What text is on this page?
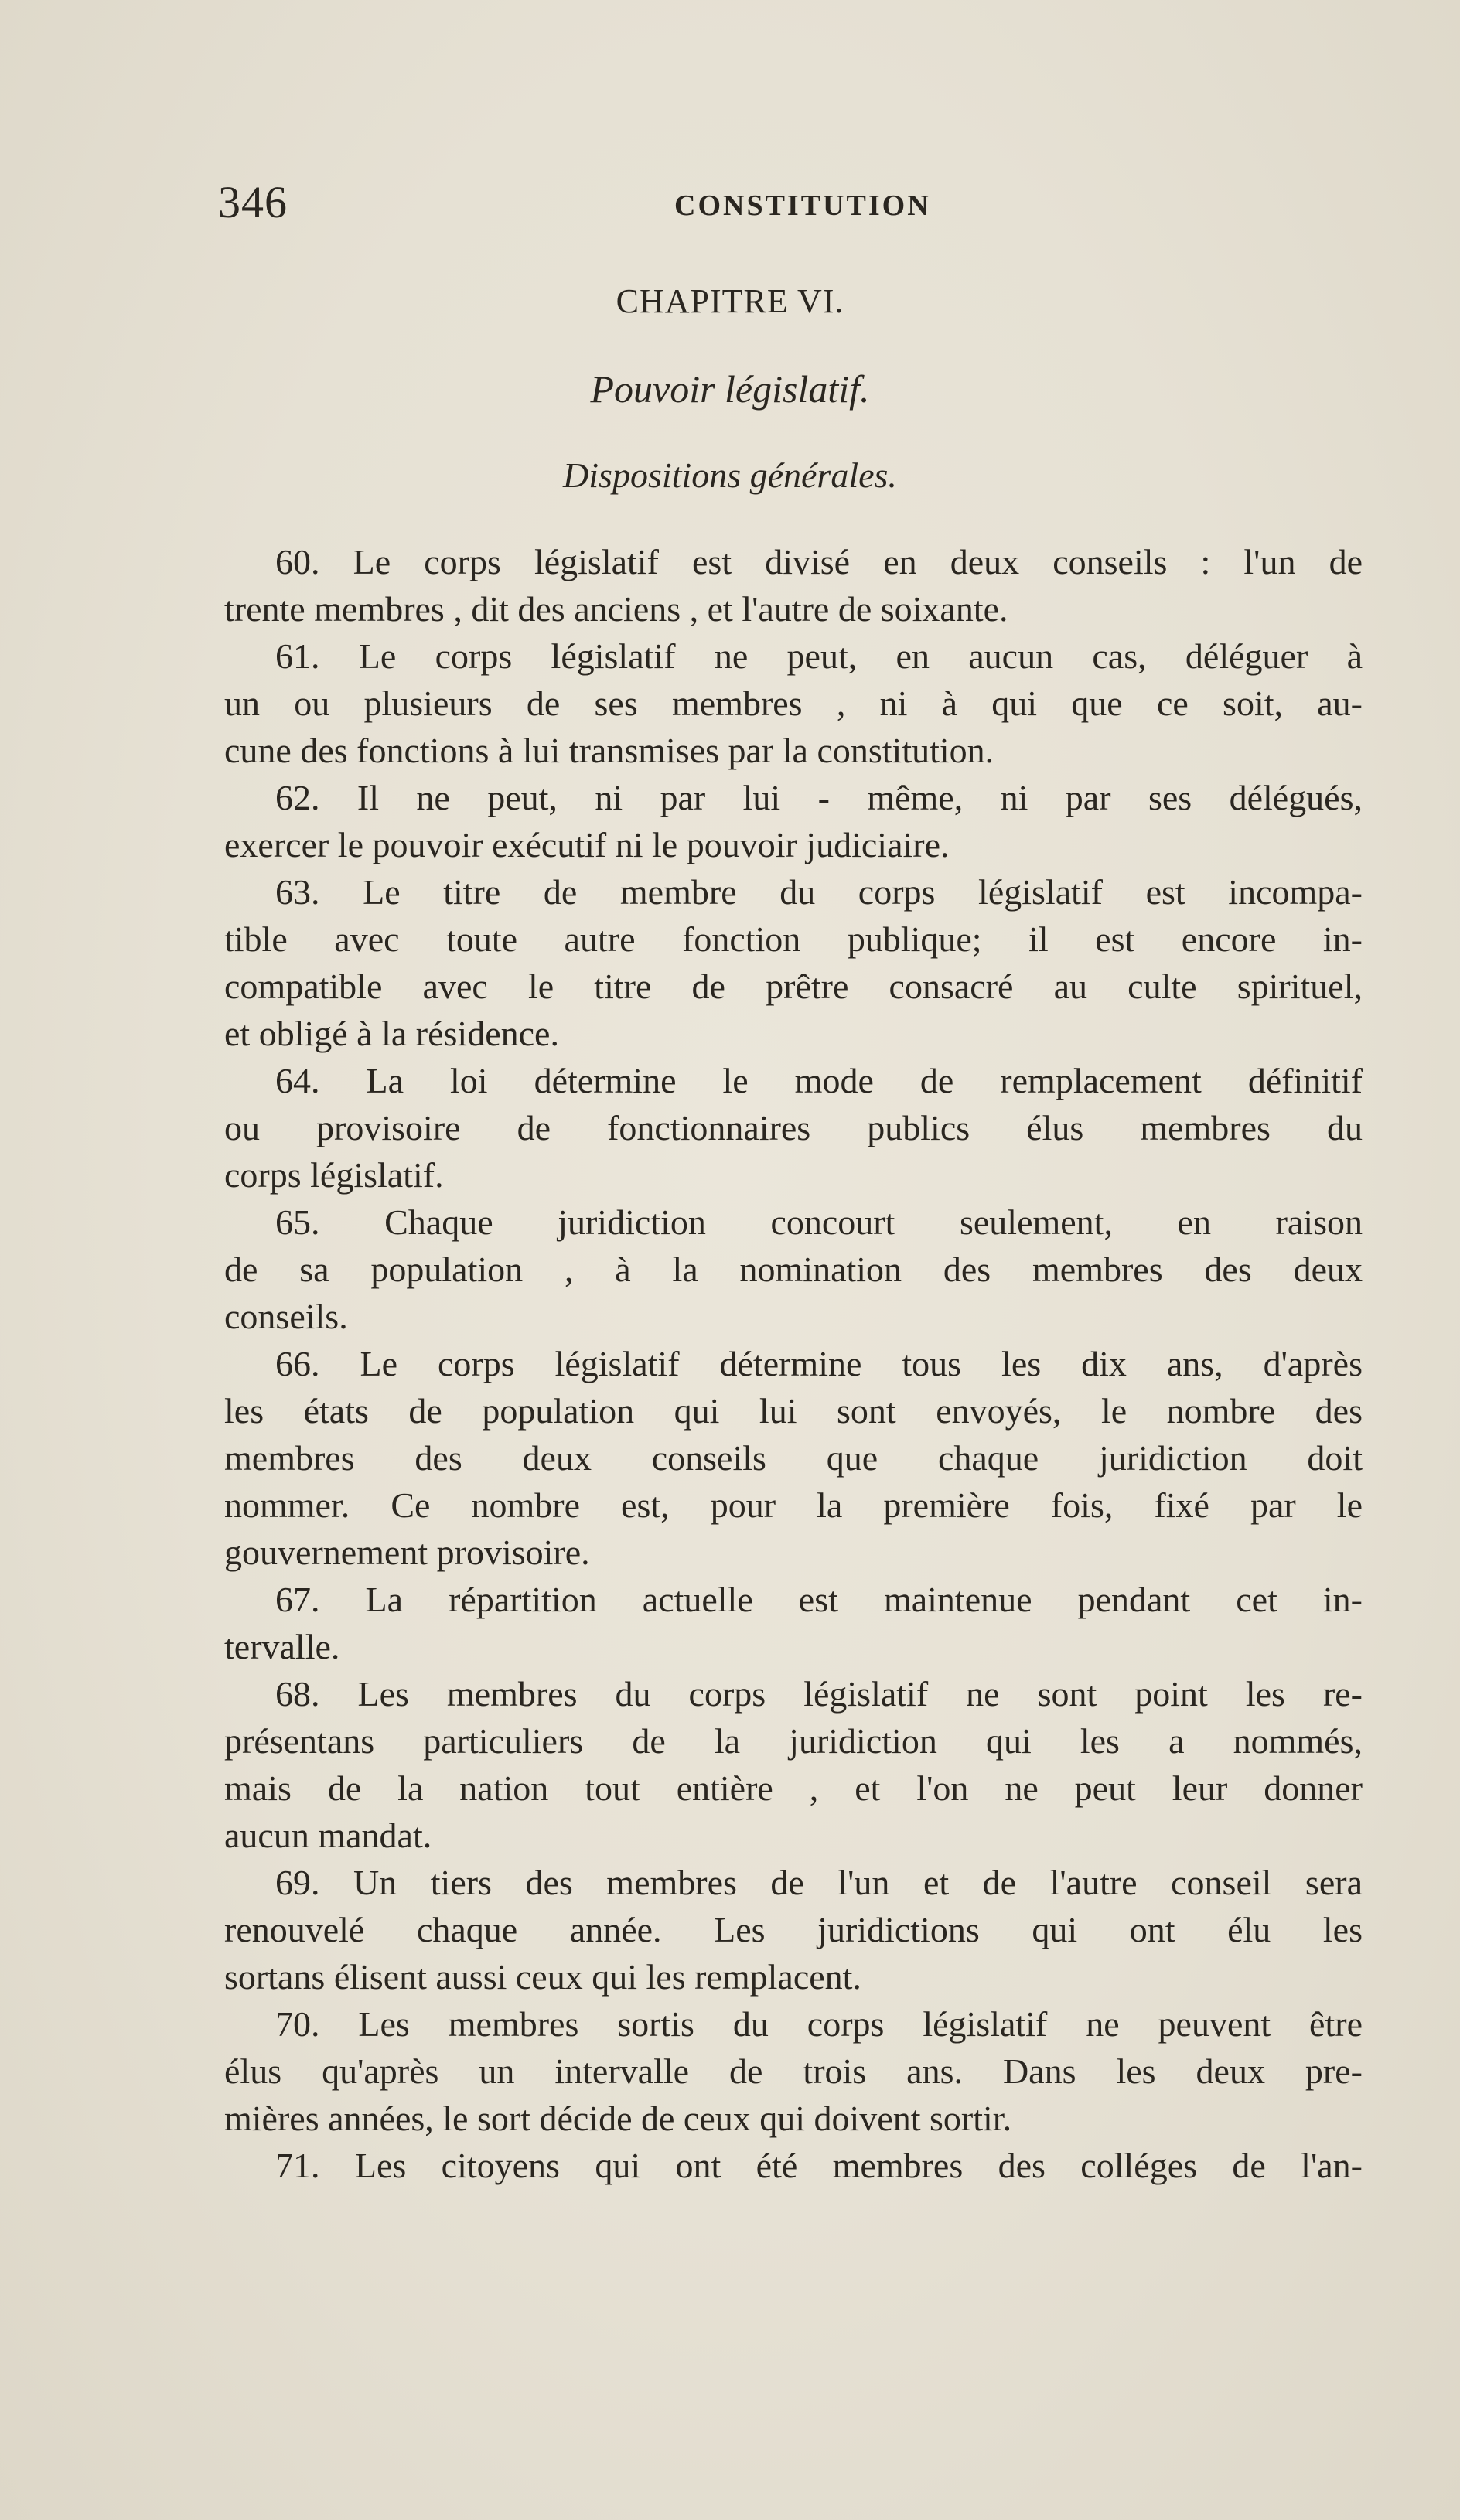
346	CONSTITUTION
CHAPITRE VI.
Pouvoir législatif.
Dispositions générales.
60. Le corps législatif est divisé en deux conseils : l'un de
trente membres , dit des anciens , et l'autre de soixante.
61. Le corps législatif ne peut, en aucun cas, déléguer à
un ou plusieurs de ses membres , ni à qui que ce soit, au-
cune des fonctions à lui transmises par la constitution.
62. Il ne peut, ni par lui - même, ni par ses délégués,
exercer le pouvoir exécutif ni le pouvoir judiciaire.
63. Le titre de membre du corps législatif est incompa-
tible avec toute autre fonction publique; il est encore in-
compatible avec le titre de prêtre consacré au culte spirituel,
et obligé à la résidence.
64. La loi détermine le mode de remplacement définitif
ou provisoire de fonctionnaires publics élus membres du
corps législatif.
65. Chaque juridiction concourt seulement, en raison
de sa population , à la nomination des membres des deux
conseils.
66. Le corps législatif détermine tous les dix ans, d'après
les états de population qui lui sont envoyés, le nombre des
membres des deux conseils que chaque juridiction doit
nommer. Ce nombre est, pour la première fois, fixé par le
gouvernement provisoire.
67. La répartition actuelle est maintenue pendant cet in-
tervalle.
68. Les membres du corps législatif ne sont point les re-
présentans particuliers de la juridiction qui les a nommés,
mais de la nation tout entière , et l'on ne peut leur donner
aucun mandat.
69. Un tiers des membres de l'un et de l'autre conseil sera
renouvelé chaque année. Les juridictions qui ont élu les
sortans élisent aussi ceux qui les remplacent.
70. Les membres sortis du corps législatif ne peuvent être
élus qu'après un intervalle de trois ans. Dans les deux pre-
mières années, le sort décide de ceux qui doivent sortir.
71. Les citoyens qui ont été membres des colléges de l'an-
